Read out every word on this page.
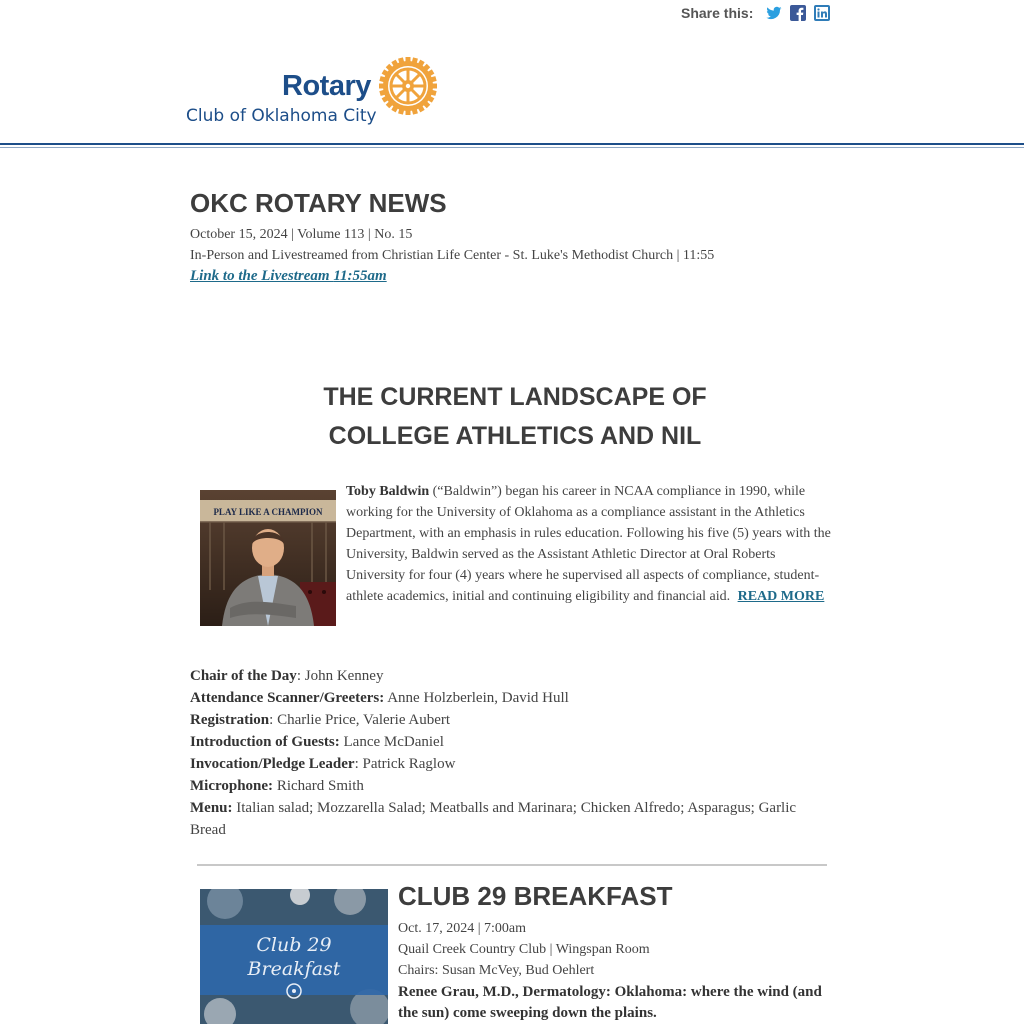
Share this:
Rotary
Club of Oklahoma City
OKC ROTARY NEWS
October 15, 2024 | Volume 113 | No. 15
In-Person and Livestreamed from Christian Life Center - St. Luke's Methodist Church | 11:55
Link to the Livestream 11:55am
THE CURRENT LANDSCAPE OF
COLLEGE ATHLETICS AND NIL
PLAY LIKE A CHAMPION

Toby Baldwin (“Baldwin”) began his career in NCAA compliance in 1990, while working for the University of Oklahoma as a compliance assistant in the Athletics Department, with an emphasis in rules education. Following his five (5) years with the University, Baldwin served as the Assistant Athletic Director at Oral Roberts University for four (4) years where he supervised all aspects of compliance, student-athlete academics, initial and continuing eligibility and financial aid. READ MORE

Chair of the Day: John Kenney
Attendance Scanner/Greeters: Anne Holzberlein, David Hull
Registration: Charlie Price, Valerie Aubert
Introduction of Guests: Lance McDaniel
Invocation/Pledge Leader: Patrick Raglow
Microphone: Richard Smith
Menu: Italian salad; Mozzarella Salad; Meatballs and Marinara; Chicken Alfredo; Asparagus; Garlic Bread
Club 29
Breakfast
CLUB 29 BREAKFAST
Oct. 17, 2024 | 7:00am
Quail Creek Country Club | Wingspan Room
Chairs: Susan McVey, Bud Oehlert
Renee Grau, M.D., Dermatology: Oklahoma: where the wind (and the sun) come sweeping down the plains.
